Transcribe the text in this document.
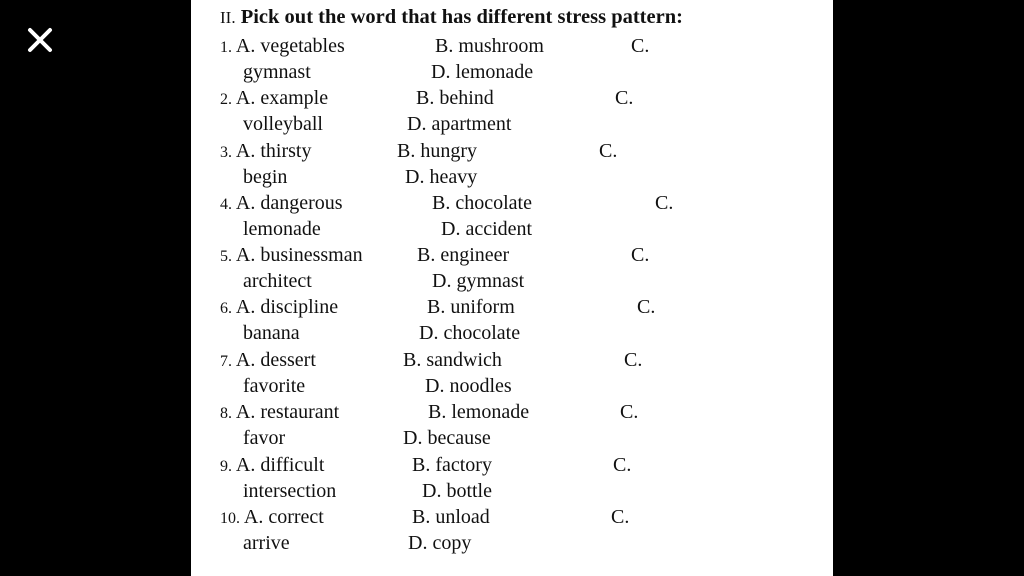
II. Pick out the word that has different stress pattern:
1. A. vegetables	B. mushroom	C.
gymnast	D. lemonade
2. A. example	B. behind	C.
volleyball	D. apartment
3. A. thirsty	B. hungry	C.
begin	D. heavy
4. A. dangerous	B. chocolate	C.
lemonade	D. accident
5. A. businessman	B. engineer	C.
architect	D. gymnast
6. A. discipline	B. uniform	C.
banana	D. chocolate
7. A. dessert	B. sandwich	C.
favorite	D. noodles
8. A. restaurant	B. lemonade	C.
favor	D. because
9. A. difficult	B. factory	C.
intersection	D. bottle
10. A. correct	B. unload	C.
arrive	D. copy
